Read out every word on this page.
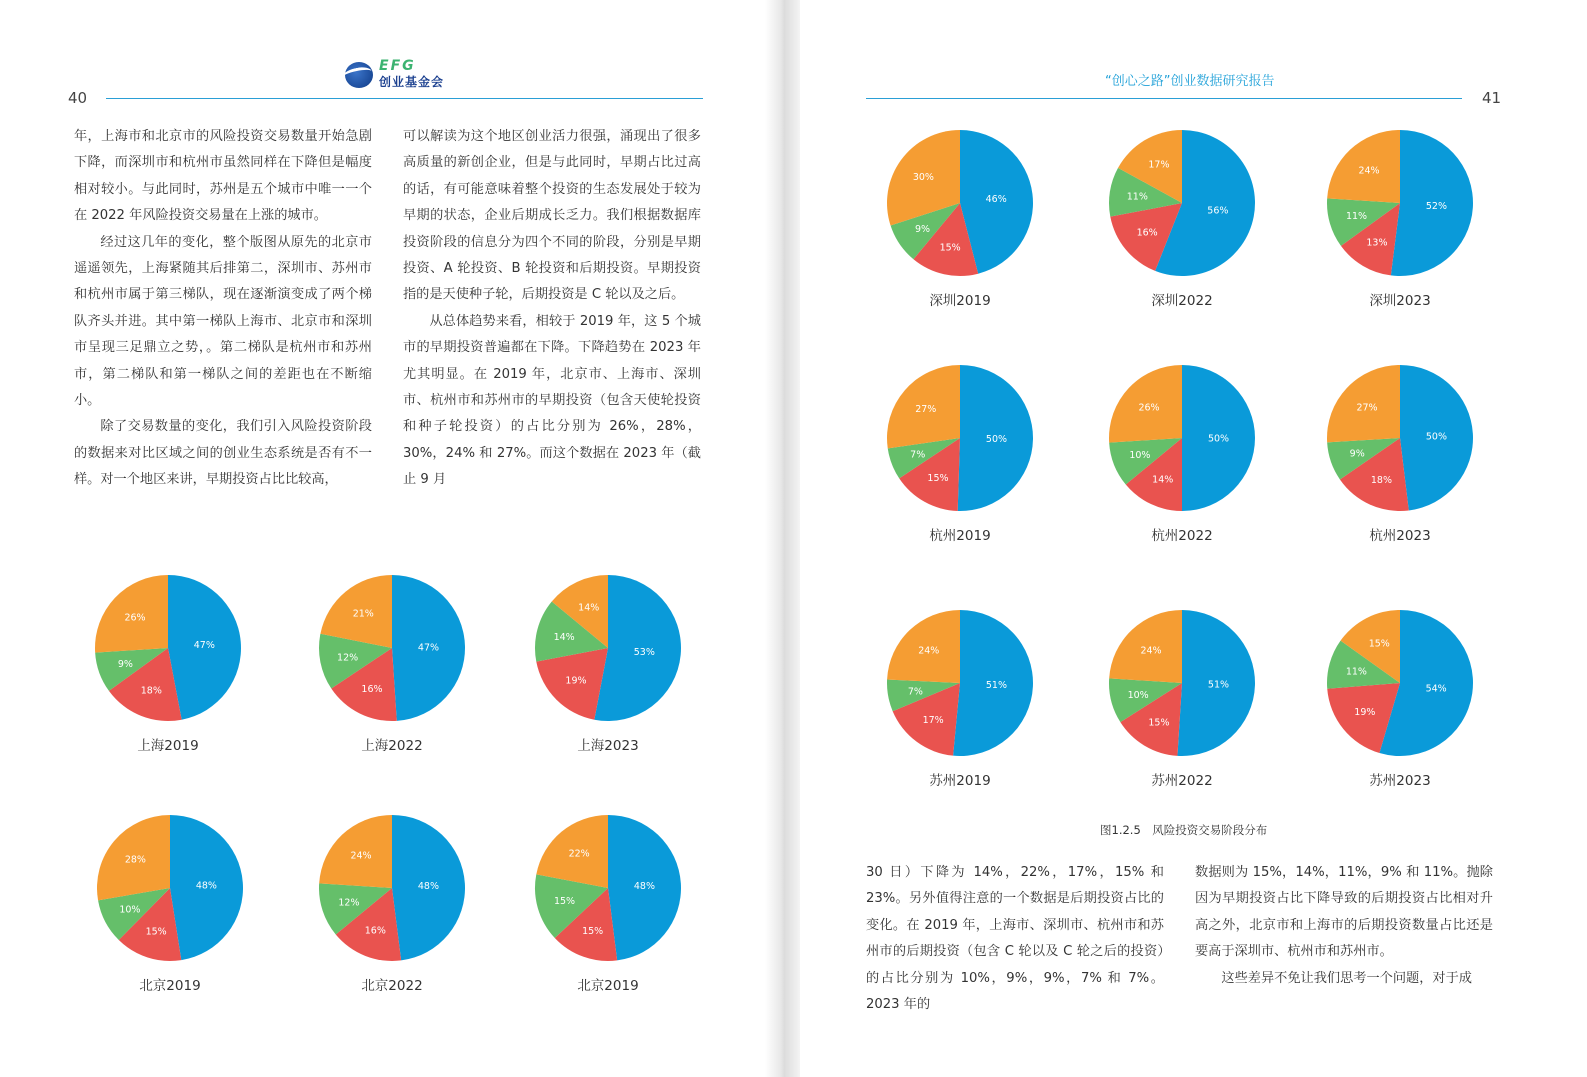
40
EFG
创业基金会

年，上海市和北京市的风险投资交易数量开始急剧下降，而深圳市和杭州市虽然同样在下降但是幅度相对较小。与此同时，苏州是五个城市中唯一一个在 2022 年风险投资交易量在上涨的城市。

经过这几年的变化，整个版图从原先的北京市遥遥领先，上海紧随其后排第二，深圳市、苏州市和杭州市属于第三梯队，现在逐渐演变成了两个梯队齐头并进。其中第一梯队上海市、北京市和深圳市呈现三足鼎立之势，。第二梯队是杭州市和苏州市，第二梯队和第一梯队之间的差距也在不断缩小。

除了交易数量的变化，我们引入风险投资阶段的数据来对比区域之间的创业生态系统是否有不一样。对一个地区来讲，早期投资占比比较高，

可以解读为这个地区创业活力很强，涌现出了很多高质量的新创企业，但是与此同时，早期占比过高的话，有可能意味着整个投资的生态发展处于较为早期的状态，企业后期成长乏力。我们根据数据库投资阶段的信息分为四个不同的阶段，分别是早期投资、A 轮投资、B 轮投资和后期投资。早期投资指的是天使种子轮，后期投资是 C 轮以及之后。

从总体趋势来看，相较于 2019 年，这 5 个城市的早期投资普遍都在下降。下降趋势在 2023 年尤其明显。在 2019 年，北京市、上海市、深圳市、杭州市和苏州市的早期投资（包含天使轮投资和种子轮投资）的占比分别为 26%，28%，30%，24% 和 27%。而这个数据在 2023 年（截止 9 月

41

30 日）下降为 14%，22%，17%，15% 和 23%。另外值得注意的一个数据是后期投资占比的变化。在 2019 年，上海市、深圳市、杭州市和苏州市的后期投资（包含 C 轮以及 C 轮之后的投资）的占比分别为 10%，9%，9%，7% 和 7%。2023 年的

数据则为 15%，14%，11%，9% 和 11%。抛除因为早期投资占比下降导致的后期投资占比相对升高之外，北京市和上海市的后期投资数量占比还是要高于深圳市、杭州市和苏州市。

这些差异不免让我们思考一个问题，对于成

“创心之路”创业数据研究报告
图1.2.5　风险投资交易阶段分布
47%
18%
9%
26%
上海2019
47%
16%
12%
21%
上海2022
53%
19%
14%
14%
上海2023
48%
15%
10%
28%
北京2019
48%
16%
12%
24%
北京2022
48%
15%
15%
22%
北京2019
46%
15%
9%
30%
深圳2019
56%
16%
11%
17%
深圳2022
52%
13%
11%
24%
深圳2023
50%
15%
7%
27%
杭州2019
50%
14%
10%
26%
杭州2022
50%
18%
9%
27%
杭州2023
51%
17%
7%
24%
苏州2019
51%
15%
10%
24%
苏州2022
54%
19%
11%
15%
苏州2023
